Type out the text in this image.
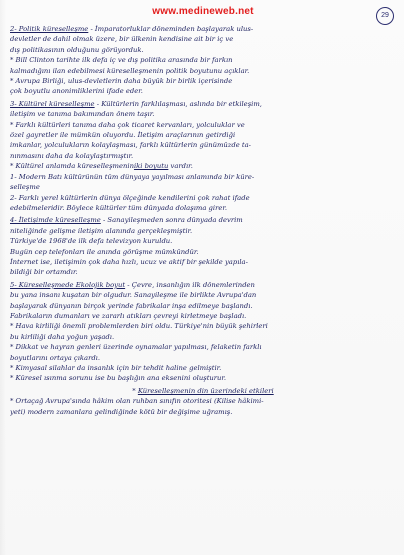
www.medineweb.net	29
2- Politik küreselleşme - İmparatorluklar döneminden başlayarak ulus-
devletler de dahil olmak üzere, bir ülkenin kendisine ait bir iç ve
dış politikasının olduğunu görüyorduk.
* Bill Clinton tarihte ilk defa iç ve dış politika arasında bir farkın
kalmadığını ilan edebilmesi küreselleşmenin politik boyutunu açıklar.
* Avrupa Birliği, ulus-devletlerin daha büyük bir birlik içerisinde
çok boyutlu anonimliklerini ifade eder.
3- Kültürel küreselleşme - Kültürlerin farklılaşması, aslında bir etkileşim,
iletişim ve tanıma bakımından önem taşır.
* Farklı kültürleri tanıma daha çok ticaret kervanları, yolculuklar ve
özel gayretler ile mümkün oluyordu. İletişim araçlarının getirdiği
imkanlar, yolculukların kolaylaşması, farklı kültürlerin günümüzde ta-
nınmasını daha da kolaylaştırmıştır.
* Kültürel anlamda küreselleşmeniniki boyutu vardır.
1- Modern Batı kültürünün tüm dünyaya yayılması anlamında bir küre-
selleşme
2- Farklı yerel kültürlerin dünya ölçeğinde kendilerini çok rahat ifade
edebilmeleridir. Böylece kültürler tüm dünyada dolaşıma girer.
4- İletişimde küreselleşme - Sanayileşmeden sonra dünyada devrim
niteliğinde gelişme iletişim alanında gerçekleşmiştir.
Türkiye'de 1968'de ilk defa televizyon kuruldu.
Bugün cep telefonları ile anında görüşme mümkündür.
İnternet ise, iletişimin çok daha hızlı, ucuz ve aktif bir şekilde yapıla-
bildiği bir ortamdır.
5- Küreselleşmede Ekolojik boyut - Çevre, insanlığın ilk dönemlerinden
bu yana insanı kuşatan bir olgudur. Sanayileşme ile birlikte Avrupa'dan
başlayarak dünyanın birçok yerinde fabrikalar inşa edilmeye başlandı.
Fabrikaların dumanları ve zararlı atıkları çevreyi kirletmeye başladı.
* Hava kirliliği önemli problemlerden biri oldu. Türkiye'nin büyük şehirleri
bu kirliliği daha yoğun yaşadı.
* Dikkat ve hayran genleri üzerinde oynamalar yapılması, felaketin farklı
boyutlarını ortaya çıkardı.
* Kimyasal silahlar da insanlık için bir tehdit haline gelmiştir.
* Küresel ısınma sorunu ise bu başlığın ana eksenini oluşturur.
* Küreselleşmenin din üzerindeki etkileri
* Ortaçağ Avrupa'sında hâkim olan ruhban sınıfın otoritesi (Kilise hâkimi-
yeti) modern zamanlara gelindiğinde kötü bir değişime uğramış.
